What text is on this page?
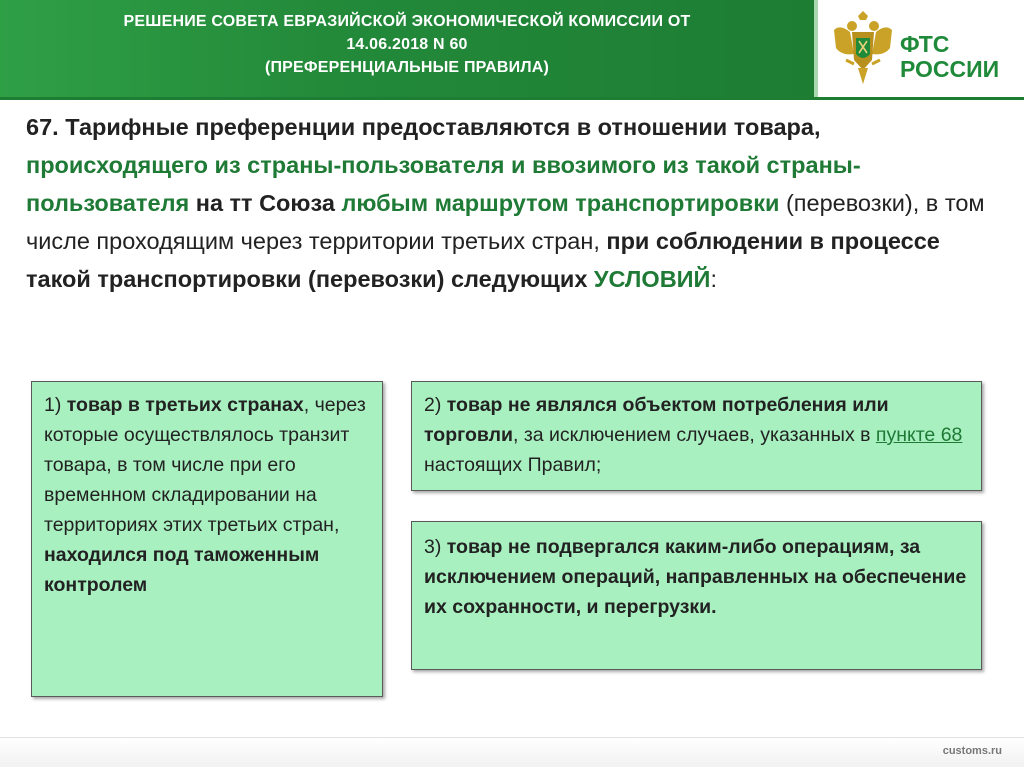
РЕШЕНИЕ СОВЕТА ЕВРАЗИЙСКОЙ ЭКОНОМИЧЕСКОЙ КОМИССИИ ОТ
14.06.2018 N 60
(ПРЕФЕРЕНЦИАЛЬНЫЕ ПРАВИЛА)
ФТС
РОССИИ
67. Тарифные преференции предоставляются в отношении товара, происходящего из страны-пользователя и ввозимого из такой страны-пользователя на тт Союза любым маршрутом транспортировки (перевозки), в том числе проходящим через территории третьих стран, при соблюдении в процессе такой транспортировки (перевозки) следующих УСЛОВИЙ:
1) товар в третьих странах, через которые осуществлялось транзит товара, в том числе при его временном складировании на территориях этих третьих стран, находился под таможенным контролем
2) товар не являлся объектом потребления или торговли, за исключением случаев, указанных в пункте 68 настоящих Правил;
3) товар не подвергался каким-либо операциям, за исключением операций, направленных на обеспечение их сохранности, и перегрузки.
customs.ru
